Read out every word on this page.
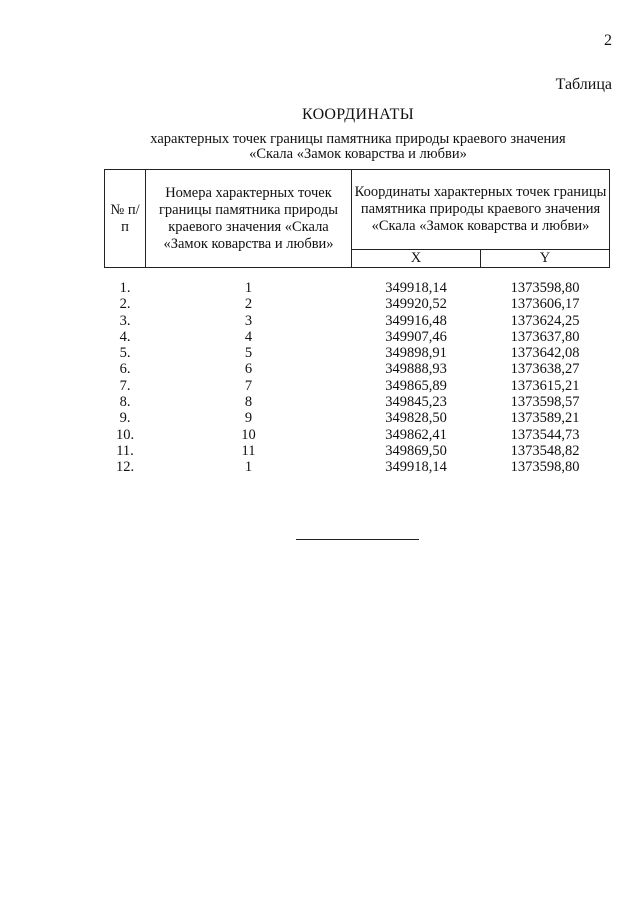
2
Таблица
КООРДИНАТЫ
характерных точек границы памятника природы краевого значения
«Скала «Замок коварства и любви»
№ п/п	Номера характерных точек границы памятника природы краевого значения «Скала «Замок коварства и любви»	Координаты характерных точек границы памятника природы краевого значения «Скала «Замок коварства и любви»	
		X	Y

1.	1	349918,14	1373598,80
2.	2	349920,52	1373606,17
3.	3	349916,48	1373624,25
4.	4	349907,46	1373637,80
5.	5	349898,91	1373642,08
6.	6	349888,93	1373638,27
7.	7	349865,89	1373615,21
8.	8	349845,23	1373598,57
9.	9	349828,50	1373589,21
10.	10	349862,41	1373544,73
11.	11	349869,50	1373548,82
12.	1	349918,14	1373598,80
